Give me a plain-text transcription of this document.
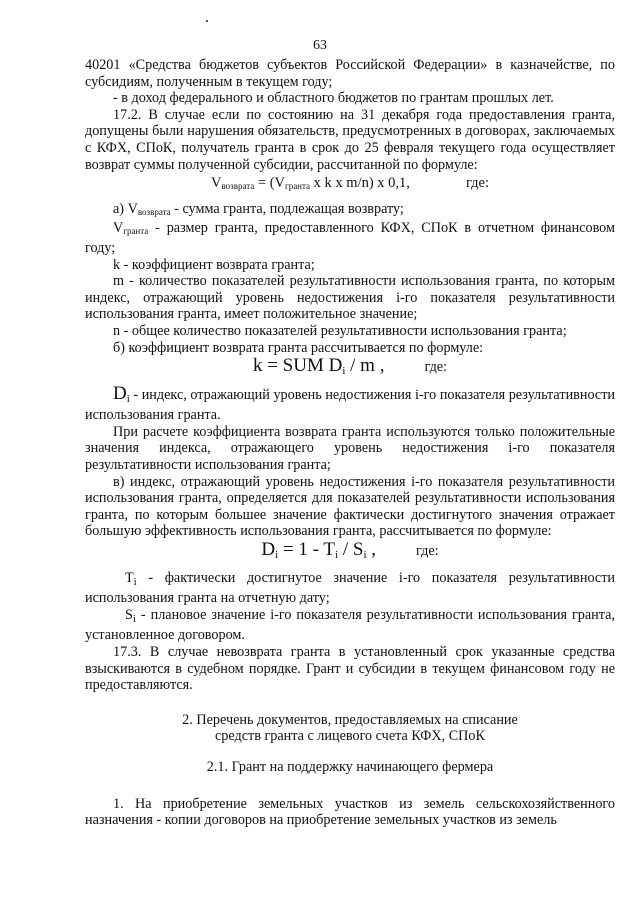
63

40201 «Средства бюджетов субъектов Российской Федерации» в казначействе, по субсидиям, полученным в текущем году;

- в доход федерального и областного бюджетов по грантам прошлых лет.

17.2. В случае если по состоянию на 31 декабря года предоставления гранта, допущены были нарушения обязательств, предусмотренных в договорах, заключаемых с КФХ, СПоК, получатель гранта в срок до 25 февраля текущего года осуществляет возврат суммы полученной субсидии, рассчитанной по формуле:

$V_{возврата} = (V_{гранта}$ х k х m/n) х 0,1,	где:

а) $V_{возврата}$ - сумма гранта, подлежащая возврату;

$V_{гранта}$ - размер гранта, предоставленного КФХ, СПоК в отчетном финансовом году;

k - коэффициент возврата гранта;

m - количество показателей результативности использования гранта, по которым индекс, отражающий уровень недостижения i-го показателя результативности использования гранта, имеет положительное значение;

n - общее количество показателей результативности использования гранта;

б) коэффициент возврата гранта рассчитывается по формуле:

k = SUM Di / m ,	где:

$D_i$ - индекс, отражающий уровень недостижения i-го показателя результативности использования гранта.

При расчете коэффициента возврата гранта используются только положительные значения индекса, отражающего уровень недостижения i-го показателя результативности использования гранта;

в) индекс, отражающий уровень недостижения i-го показателя результативности использования гранта, определяется для показателей результативности использования гранта, по которым большее значение фактически достигнутого значения отражает большую эффективность использования гранта, рассчитывается по формуле:

Di = 1 - Ti / Si ,	где:

$T_i$ - фактически достигнутое значение i-го показателя результативности использования гранта на отчетную дату;

$S_i$ - плановое значение i-го показателя результативности использования гранта, установленное договором.

17.3. В случае невозврата гранта в установленный срок указанные средства взыскиваются в судебном порядке. Грант и субсидии в текущем финансовом году не предоставляются.

2. Перечень документов, предоставляемых на списание

средств гранта с лицевого счета КФХ, СПоК

2.1. Грант на поддержку начинающего фермера

1. На приобретение земельных участков из земель сельскохозяйственного назначения - копии договоров на приобретение земельных участков из земель
